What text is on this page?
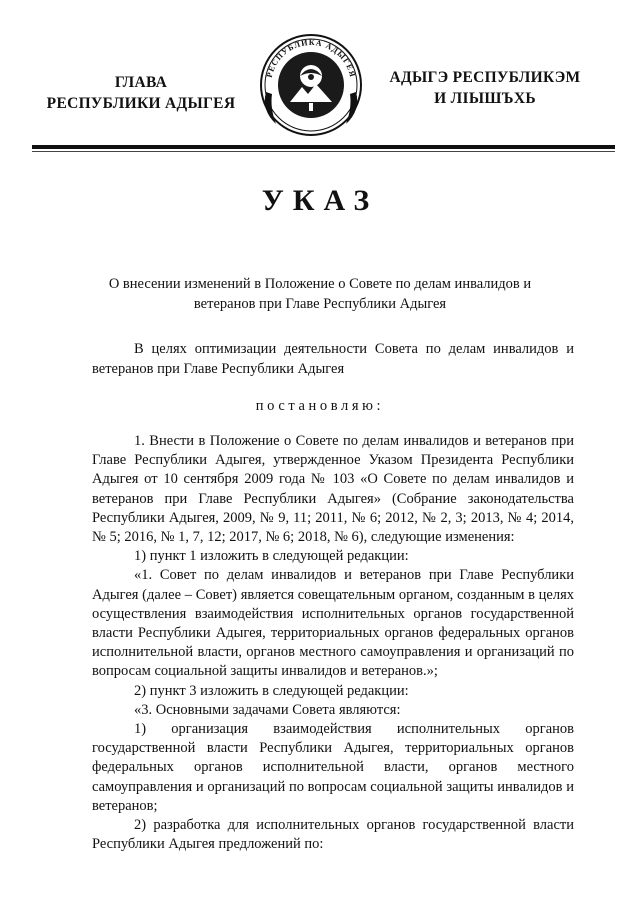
ГЛАВА
РЕСПУБЛИКИ АДЫГЕЯ
РЕСПУБЛИКА АДЫГЕЯ	АДЫГЭ РЕСПУБЛИКЭМ
И ЛІЫШЪХЬ
УКАЗ
О внесении изменений в Положение о Совете по делам инвалидов и
ветеранов при Главе Республики Адыгея
В целях оптимизации деятельности Совета по делам инвалидов и ветеранов при Главе Республики Адыгея
постановляю:

1. Внести в Положение о Совете по делам инвалидов и ветеранов при Главе Республики Адыгея, утвержденное Указом Президента Республики Адыгея от 10 сентября 2009 года № 103 «О Совете по делам инвалидов и ветеранов при Главе Республики Адыгея» (Собрание законодательства Республики Адыгея, 2009, № 9, 11; 2011, № 6; 2012, № 2, 3; 2013, № 4; 2014, № 5; 2016, № 1, 7, 12; 2017, № 6; 2018, № 6), следующие изменения:

1) пункт 1 изложить в следующей редакции:

«1. Совет по делам инвалидов и ветеранов при Главе Республики Адыгея (далее – Совет) является совещательным органом, созданным в целях осуществления взаимодействия исполнительных органов государственной власти Республики Адыгея, территориальных органов федеральных органов исполнительной власти, органов местного самоуправления и организаций по вопросам социальной защиты инвалидов и ветеранов.»;

2) пункт 3 изложить в следующей редакции:

«3. Основными задачами Совета являются:

1) организация взаимодействия исполнительных органов государственной власти Республики Адыгея, территориальных органов федеральных органов исполнительной власти, органов местного самоуправления и организаций по вопросам социальной защиты инвалидов и ветеранов;

2) разработка для исполнительных органов государственной власти Республики Адыгея предложений по:
